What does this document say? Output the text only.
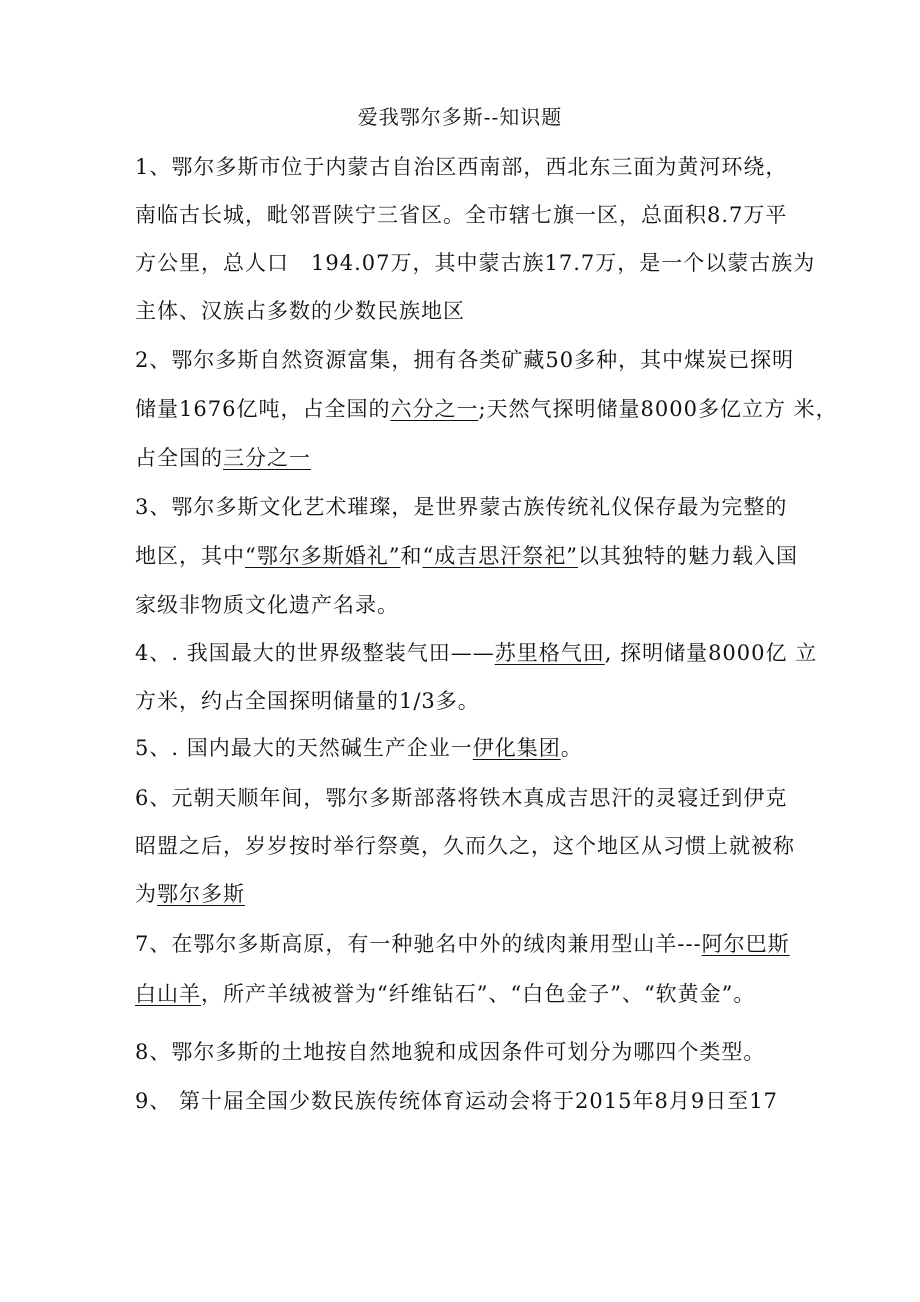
爱我鄂尔多斯--知识题
1、鄂尔多斯市位于内蒙古自治区西南部，西北东三面为黄河环绕，
南临古长城，毗邻晋陕宁三省区。全市辖七旗一区，总面积8.7万平
方公里，总人口　194.07万，其中蒙古族17.7万，是一个以蒙古族为
主体、汉族占多数的少数民族地区
2、鄂尔多斯自然资源富集，拥有各类矿藏50多种，其中煤炭已探明
储量1676亿吨，占全国的六分之一;天然气探明储量8000多亿立方 米，
占全国的三分之一
3、鄂尔多斯文化艺术璀璨，是世界蒙古族传统礼仪保存最为完整的
地区，其中“鄂尔多斯婚礼”和“成吉思汗祭祀”以其独特的魅力载入国
家级非物质文化遗产名录。
4、. 我国最大的世界级整装气田——苏里格气田, 探明储量8000亿 立
方米，约占全国探明储量的1/3多。
5、. 国内最大的天然碱生产企业一伊化集团。
6、元朝天顺年间，鄂尔多斯部落将铁木真成吉思汗的灵寝迁到伊克
昭盟之后，岁岁按时举行祭奠，久而久之，这个地区从习惯上就被称
为鄂尔多斯
7、在鄂尔多斯高原，有一种驰名中外的绒肉兼用型山羊---阿尔巴斯
白山羊，所产羊绒被誉为“纤维钻石”、“白色金子”、“软黄金”。
8、鄂尔多斯的土地按自然地貌和成因条件可划分为哪四个类型。
9、 第十届全国少数民族传统体育运动会将于2015年8月9日至17
